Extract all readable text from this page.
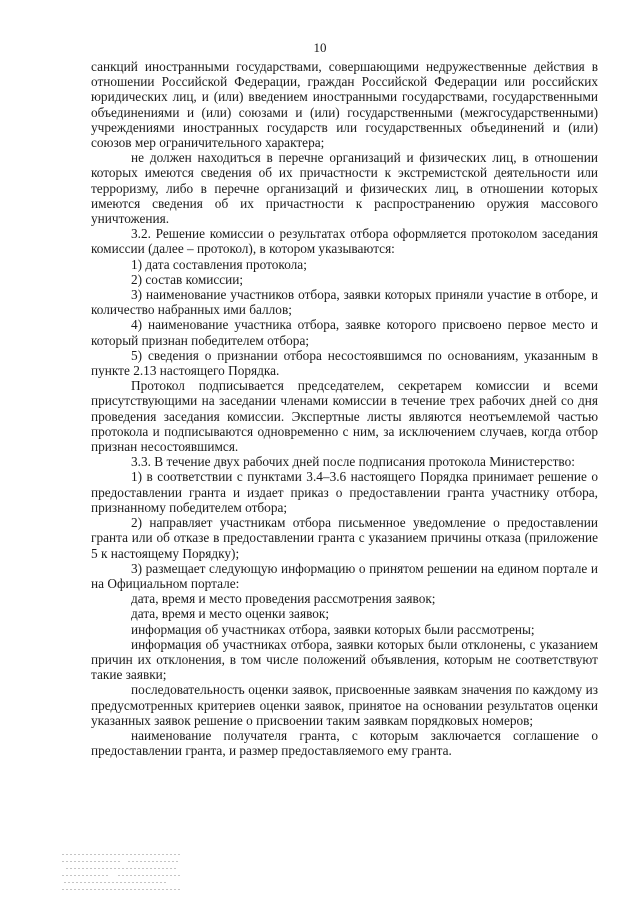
10

санкций иностранными государствами, совершающими недружественные действия в отношении Российской Федерации, граждан Российской Федерации или российских юридических лиц, и (или) введением иностранными государствами, государственными объединениями и (или) союзами и (или) государственными (межгосударственными) учреждениями иностранных государств или государственных объединений и (или) союзов мер ограничительного характера;

не должен находиться в перечне организаций и физических лиц, в отношении которых имеются сведения об их причастности к экстремистской деятельности или терроризму, либо в перечне организаций и физических лиц, в отношении которых имеются сведения об их причастности к распространению оружия массового уничтожения.

3.2. Решение комиссии о результатах отбора оформляется протоколом заседания комиссии (далее – протокол), в котором указываются:

1) дата составления протокола;

2) состав комиссии;

3) наименование участников отбора, заявки которых приняли участие в отборе, и количество набранных ими баллов;

4) наименование участника отбора, заявке которого присвоено первое место и который признан победителем отбора;

5) сведения о признании отбора несостоявшимся по основаниям, указанным в пункте 2.13 настоящего Порядка.

Протокол подписывается председателем, секретарем комиссии и всеми присутствующими на заседании членами комиссии в течение трех рабочих дней со дня проведения заседания комиссии. Экспертные листы являются неотъемлемой частью протокола и подписываются одновременно с ним, за исключением случаев, когда отбор признан несостоявшимся.

3.3. В течение двух рабочих дней после подписания протокола Министерство:

1) в соответствии с пунктами 3.4–3.6 настоящего Порядка принимает решение о предоставлении гранта и издает приказ о предоставлении гранта участнику отбора, признанному победителем отбора;

2) направляет участникам отбора письменное уведомление о предоставлении гранта или об отказе в предоставлении гранта с указанием причины отказа (приложение 5 к настоящему Порядку);

3) размещает следующую информацию о принятом решении на едином портале и на Официальном портале:

дата, время и место проведения рассмотрения заявок;

дата, время и место оценки заявок;

информация об участниках отбора, заявки которых были рассмотрены;

информация об участниках отбора, заявки которых были отклонены, с указанием причин их отклонения, в том числе положений объявления, которым не соответствуют такие заявки;

последовательность оценки заявок, присвоенные заявкам значения по каждому из предусмотренных критериев оценки заявок, принятое на основании результатов оценки указанных заявок решение о присвоении таким заявкам порядковых номеров;

наименование получателя гранта, с которым заключается соглашение о предоставлении гранта, и размер предоставляемого ему гранта.
